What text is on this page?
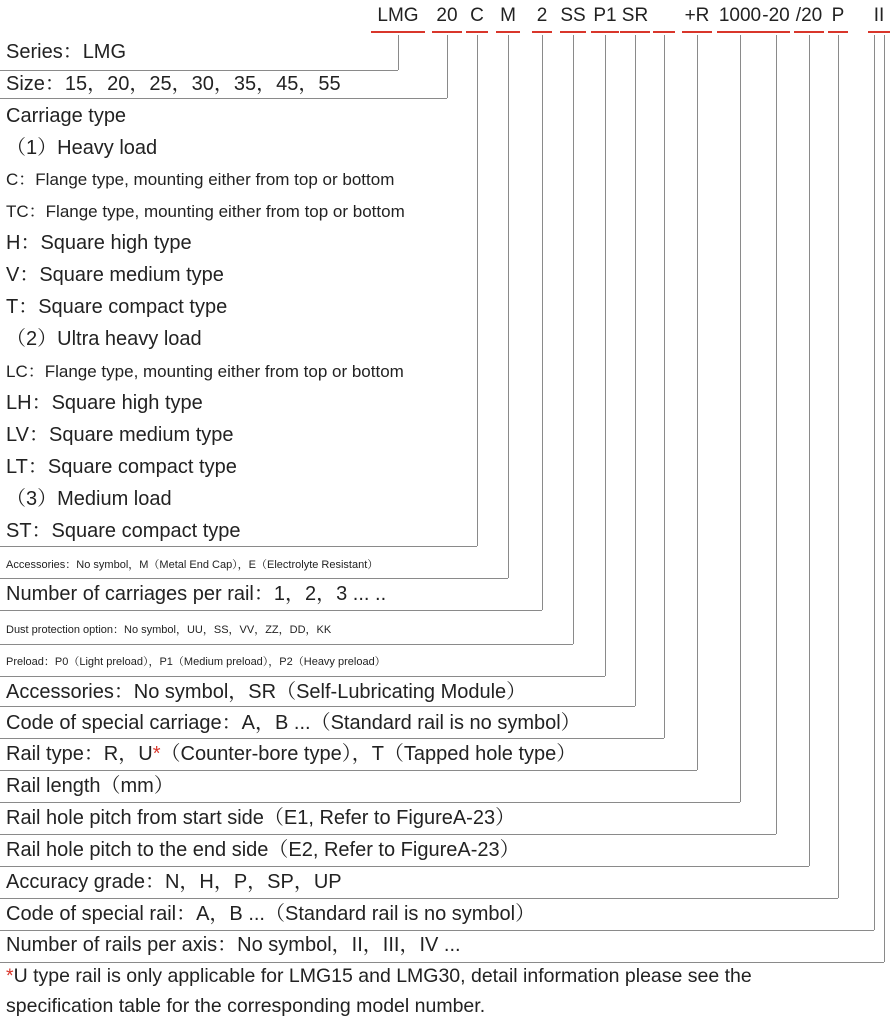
LMG 20 C M 2 SS P1 SR +R 1000 -20 /20 P II
Series：LMG
Size：15，20，25，30，35，45，55
Carriage type
（1）Heavy load
C：Flange type, mounting either from top or bottom
TC：Flange type, mounting either from top or bottom
H：Square high type
V：Square medium type
T：Square compact type
（2）Ultra heavy load
LC：Flange type, mounting either from top or bottom
LH：Square high type
LV：Square medium type
LT：Square compact type
（3）Medium load
ST：Square compact type
Accessories：No symbol，M（Metal End Cap），E（Electrolyte Resistant）
Number of carriages per rail：1，2，3 ... ..
Dust protection option：No symbol，UU，SS，VV，ZZ，DD，KK
Preload：P0（Light preload），P1（Medium preload），P2（Heavy preload）
Accessories：No symbol，SR（Self-Lubricating Module）
Code of special carriage：A，B ...（Standard rail is no symbol）
Rail type：R，U*（Counter-bore type），T（Tapped hole type）
Rail length（mm）
Rail hole pitch from start side（E1, Refer to FigureA-23）
Rail hole pitch to the end side（E2, Refer to FigureA-23）
Accuracy grade：N，H，P，SP，UP
Code of special rail：A，B ...（Standard rail is no symbol）
Number of rails per axis：No symbol，II，III，IV ...
*U type rail is only applicable for LMG15 and LMG30, detail information please see the
specification table for the corresponding model number.
